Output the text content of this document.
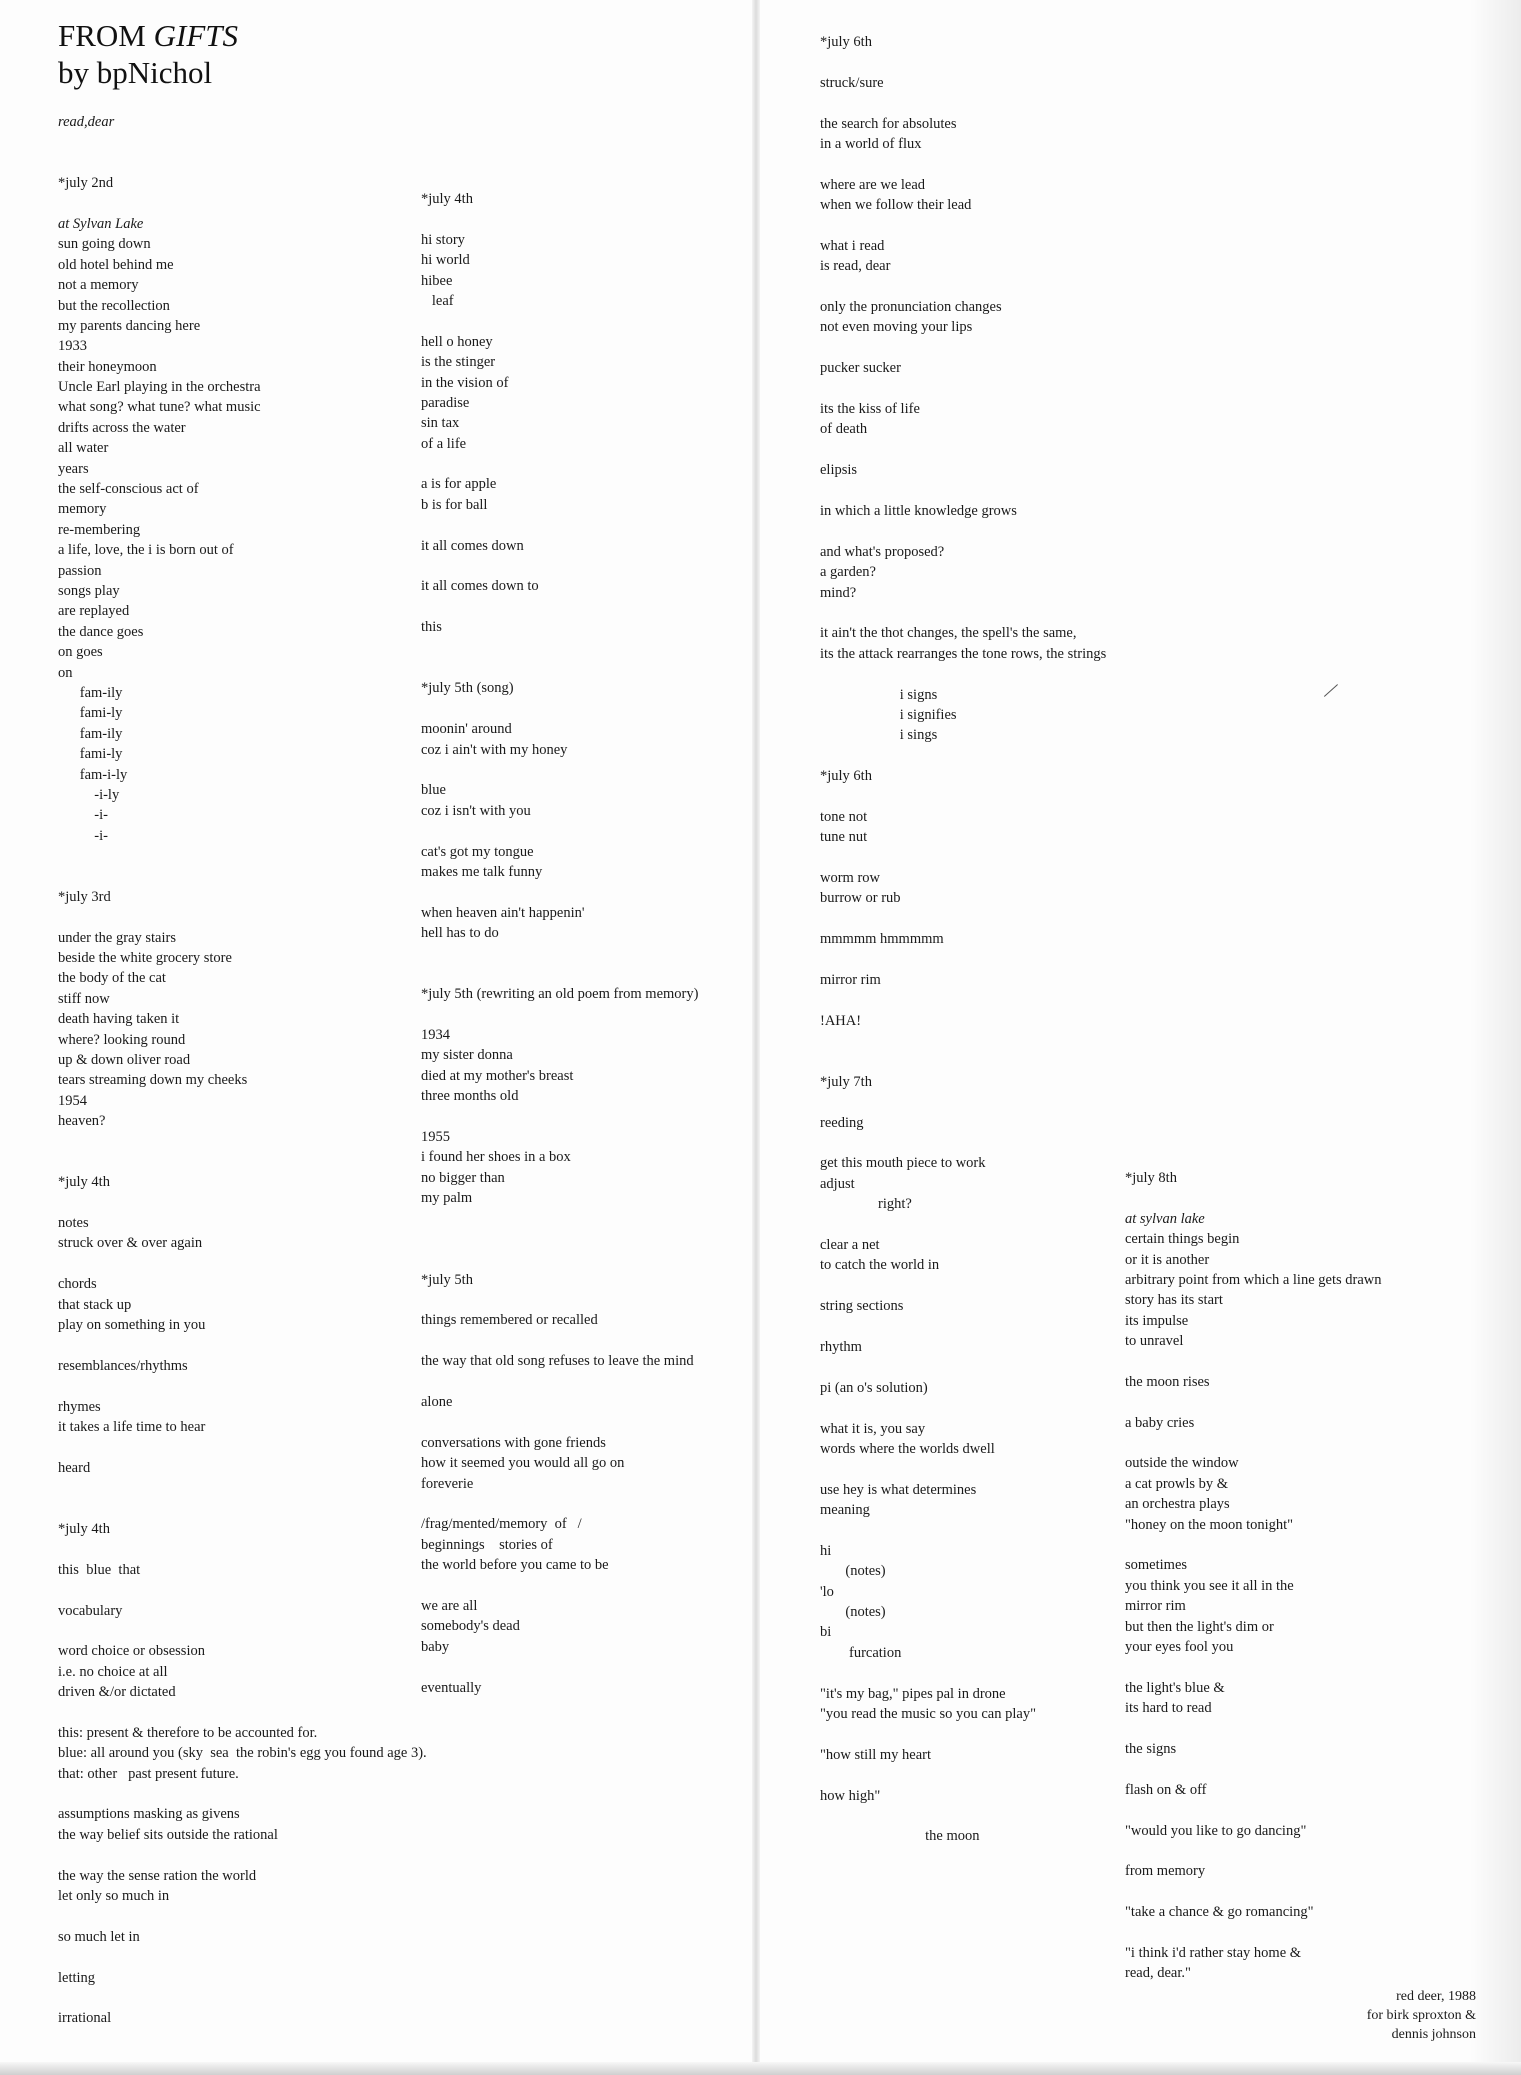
FROM GIFTS
by bpNichol
read,dear
*july 2nd
at Sylvan Lake
sun going down
old hotel behind me
not a memory
but the recollection
my parents dancing here
1933
their honeymoon
Uncle Earl playing in the orchestra
what song? what tune? what music
drifts across the water
all water
years
the self-conscious act of
memory
re-membering
a life, love, the i is born out of
passion
songs play
are replayed
the dance goes
on goes
on
fam-ily
fami-ly
fam-ily
fami-ly
fam-i-ly
-i-ly
-i-
-i-
*july 3rd
under the gray stairs
beside the white grocery store
the body of the cat
stiff now
death having taken it
where? looking round
up & down oliver road
tears streaming down my cheeks
1954
heaven?
*july 4th
notes
struck over & over again
chords
that stack up
play on something in you
resemblances/rhythms
rhymes
it takes a life time to hear
heard
*july 4th
this  blue  that
vocabulary
word choice or obsession
i.e. no choice at all
driven &/or dictated
this: present & therefore to be accounted for.
blue: all around you (sky  sea  the robin's egg you found age 3).
that: other   past present future.
assumptions masking as givens
the way belief sits outside the rational
the way the sense ration the world
let only so much in
so much let in
letting
irrational
*july 4th
hi story
hi world
hibee
leaf
hell o honey
is the stinger
in the vision of
paradise
sin tax
of a life
a is for apple
b is for ball
it all comes down
it all comes down to
this
*july 5th (song)
moonin' around
coz i ain't with my honey
blue
coz i isn't with you
cat's got my tongue
makes me talk funny
when heaven ain't happenin'
hell has to do
*july 5th (rewriting an old poem from memory)
1934
my sister donna
died at my mother's breast
three months old
1955
i found her shoes in a box
no bigger than
my palm
*july 5th
things remembered or recalled
the way that old song refuses to leave the mind
alone
conversations with gone friends
how it seemed you would all go on
foreverie
/frag/mented/memory  of   /
beginnings    stories of
the world before you came to be
we are all
somebody's dead
baby
eventually
*july 6th
struck/sure
the search for absolutes
in a world of flux
where are we lead
when we follow their lead
what i read
is read, dear
only the pronunciation changes
not even moving your lips
pucker sucker
its the kiss of life
of death
elipsis
in which a little knowledge grows
and what's proposed?
a garden?
mind?
it ain't the thot changes, the spell's the same,
its the attack rearranges the tone rows, the strings
i signs
i signifies
i sings
*july 6th
tone not
tune nut
worm row
burrow or rub
mmmmm hmmmmm
mirror rim
!AHA!
*july 7th
reeding
get this mouth piece to work
adjust
right?
clear a net
to catch the world in
string sections
rhythm
pi (an o's solution)
what it is, you say
words where the worlds dwell
use hey is what determines
meaning
hi
(notes)
'lo
(notes)
bi
furcation
"it's my bag," pipes pal in drone
"you read the music so you can play"
"how still my heart
how high"
the moon
*july 8th
at sylvan lake
certain things begin
or it is another
arbitrary point from which a line gets drawn
story has its start
its impulse
to unravel
the moon rises
a baby cries
outside the window
a cat prowls by &
an orchestra plays
"honey on the moon tonight"
sometimes
you think you see it all in the
mirror rim
but then the light's dim or
your eyes fool you
the light's blue &
its hard to read
the signs
flash on & off
"would you like to go dancing"
from memory
"take a chance & go romancing"
"i think i'd rather stay home &
read, dear."
red deer, 1988
for birk sproxton &
dennis johnson
